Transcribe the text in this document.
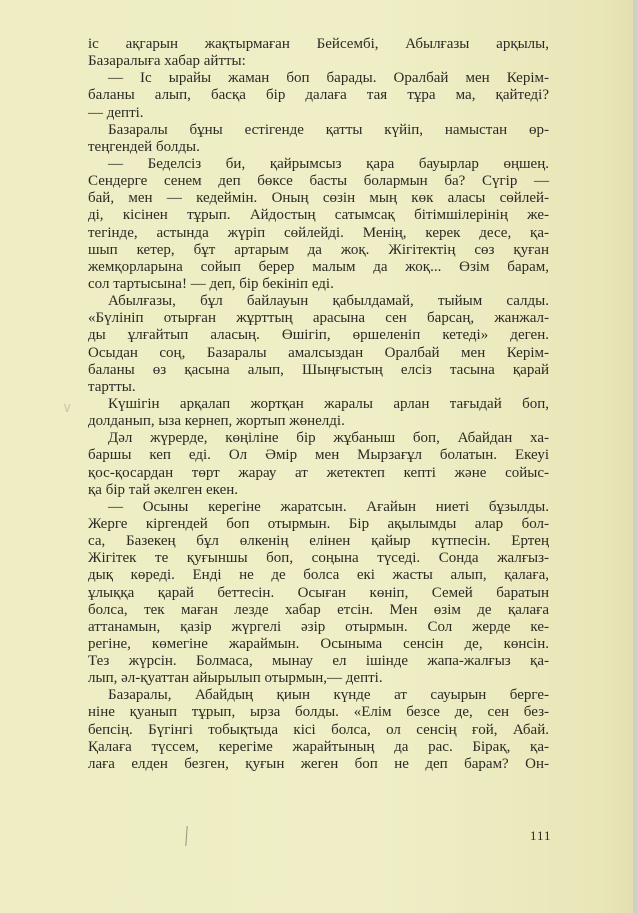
∨
іс ақгарын жақтырмаған Бейсембі, Абылғазы арқылы,
Базаралыға хабар айтты:
— Іс ырайы жаман боп барады. Оралбай мен Керім-
баланы алып, басқа бір далаға тая тұра ма, қайтеді?
— депті.
Базаралы бұны естігенде қатты күйіп, намыстан өр-
теңгендей болды.
— Беделсіз би, қайрымсыз қара бауырлар өңшең.
Сендерге сенем деп бөксе басты болармын ба? Сүгір —
бай, мен — кедеймін. Оның сөзін мың көк аласы сөйлей-
ді, кісінен тұрып. Айдостың сатымсақ бітімшілерінің же-
тегінде, астында жүріп сөйлейді. Менің, керек десе, қа-
шып кетер, бұт артарым да жоқ. Жігітектің сөз қуған
жемқорларына сойып берер малым да жоқ... Өзім барам,
сол тартысына! — деп, бір бекініп еді.
Абылғазы, бұл байлауын қабылдамай, тыйым салды.
«Бүлініп отырған жұрттың арасына сен барсаң, жанжал-
ды ұлғайтып аласың. Өшігіп, өршеленіп кетеді» деген.
Осыдан соң, Базаралы амалсыздан Оралбай мен Керім-
баланы өз қасына алып, Шыңғыстың елсіз тасына қарай
тартты.
Күшігін арқалап жортқан жаралы арлан тағыдай боп,
долданып, ыза кернеп, жортып жөнелді.
Дәл жүрерде, көңіліне бір жұбаныш боп, Абайдан ха-
баршы кеп еді. Ол Әмір мен Мырзағұл болатын. Екеуі
қос-қосардан төрт жарау ат жетектеп кепті және сойыс-
қа бір тай әкелген екен.
— Осыны керегіне жаратсын. Ағайын ниеті бұзылды.
Жерге кіргендей боп отырмын. Бір ақылымды алар бол-
са, Базекең бұл өлкенің елінен қайыр күтпесін. Ертең
Жігітек те қуғыншы боп, соңына түседі. Сонда жалғыз-
дық көреді. Енді не де болса екі жасты алып, қалаға,
ұлыққа қарай беттесін. Осыған көніп, Семей баратын
болса, тек маған лезде хабар етсін. Мен өзім де қалаға
аттанамын, қазір жүргелі әзір отырмын. Сол жерде ке-
регіне, көмегіне жараймын. Осыныма сенсін де, көнсін.
Тез жүрсін. Болмаса, мынау ел ішінде жапа-жалғыз қа-
лып, әл-қуаттан айырылып отырмын,— депті.
Базаралы, Абайдың қиын күнде ат сауырын берге-
ніне қуанып тұрып, ырза болды. «Елім безсе де, сен без-
бепсің. Бүгінгі тобықтыда кісі болса, ол сенсің ғой, Абай.
Қалаға түссем, керегіме жарайтының да рас. Бірақ, қа-
лаға елден безген, қуғын жеген боп не деп барам? Он-
111
